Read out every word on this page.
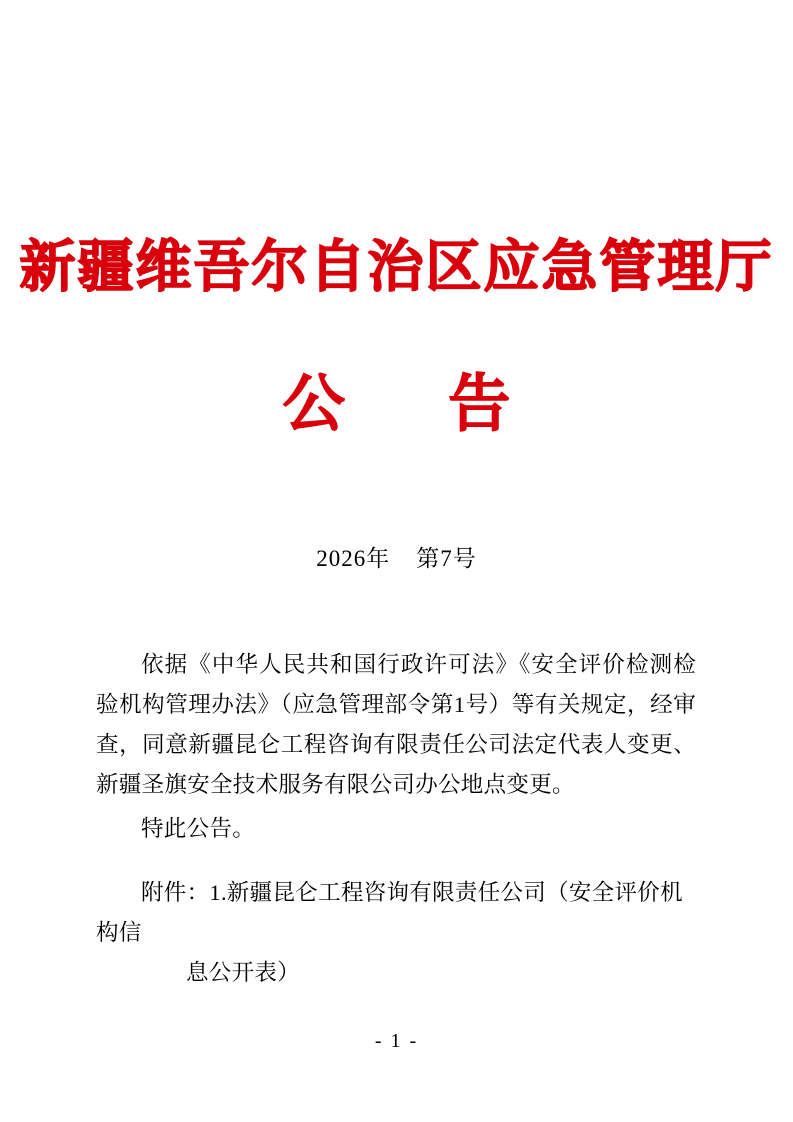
新疆维吾尔自治区应急管理厅
公 告
2026年 第7号

依据《中华人民共和国行政许可法》《安全评价检测检验机构管理办法》（应急管理部令第1号）等有关规定，经审查，同意新疆昆仑工程咨询有限责任公司法定代表人变更、新疆圣旗安全技术服务有限公司办公地点变更。

特此公告。

附件：1.新疆昆仑工程咨询有限责任公司（安全评价机构信

息公开表）

- 1 -
